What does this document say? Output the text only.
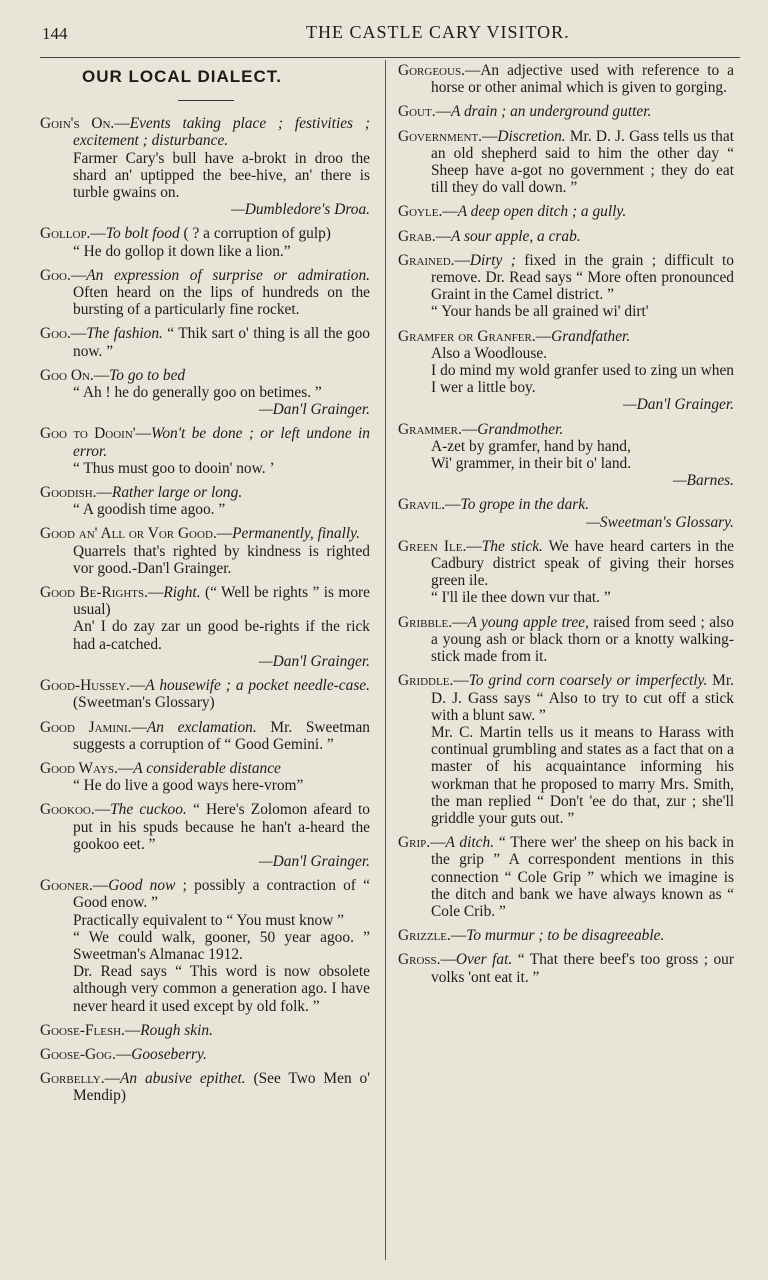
144	THE CASTLE CARY VISITOR.
OUR LOCAL DIALECT.

Goin's On.—Events taking place ; festivities ; excitement ; disturbance.

Farmer Cary's bull have a-brokt in droo the shard an' uptipped the bee-hive, an' there is turble gwains on.

—Dumbledore's Droa.

Gollop.—To bolt food ( ? a corruption of gulp)

“ He do gollop it down like a lion.”

Goo.—An expression of surprise or admiration. Often heard on the lips of hundreds on the bursting of a particularly fine rocket.

Goo.—The fashion. “ Thik sart o' thing is all the goo now. ”

Goo On.—To go to bed

“ Ah ! he do generally goo on betimes. ”
—Dan'l Grainger.

Goo to Dooin'—Won't be done ; or left undone in error.

“ Thus must goo to dooin' now. ’

Goodish.—Rather large or long.

“ A goodish time agoo. ”

Good an' All or Vor Good.—Permanently, finally.

Quarrels that's righted by kindness is righted vor good.-Dan'l Grainger.

Good Be-Rights.—Right. (“ Well be rights ” is more usual)

An' I do zay zar un good be-rights if the rick had a-catched.

—Dan'l Grainger.

Good-Hussey.—A housewife ; a pocket needle-case. (Sweetman's Glossary)

Good Jamini.—An exclamation. Mr. Sweetman suggests a corruption of “ Good Gemini. ”

Good Ways.—A considerable distance

“ He do live a good ways here-vrom”

Gookoo.—The cuckoo. “ Here's Zolomon afeard to put in his spuds because he han't a-heard the gookoo eet. ”

—Dan'l Grainger.

Gooner.—Good now ; possibly a contraction of “ Good enow. ”

Practically equivalent to “ You must know ”

“ We could walk, gooner, 50 year agoo. ” Sweetman's Almanac 1912.

Dr. Read says “ This word is now obsolete although very common a generation ago. I have never heard it used except by old folk. ”

Goose-Flesh.—Rough skin.

Goose-Gog.—Gooseberry.

Gorbelly.—An abusive epithet. (See Two Men o' Mendip)

Gorgeous.—An adjective used with reference to a horse or other animal which is given to gorging.

Gout.—A drain ; an underground gutter.

Government.—Discretion. Mr. D. J. Gass tells us that an old shepherd said to him the other day “ Sheep have a-got no government ; they do eat till they do vall down. ”

Goyle.—A deep open ditch ; a gully.

Grab.—A sour apple, a crab.

Grained.—Dirty ; fixed in the grain ; difficult to remove. Dr. Read says “ More often pronounced Graint in the Camel district. ”

“ Your hands be all grained wi' dirt'

Gramfer or Granfer.—Grandfather.

Also a Woodlouse.

I do mind my wold granfer used to zing un when I wer a little boy.

—Dan'l Grainger.

Grammer.—Grandmother.

A-zet by gramfer, hand by hand,

Wi' grammer, in their bit o' land.

—Barnes.

Gravil.—To grope in the dark.

—Sweetman's Glossary.

Green Ile.—The stick. We have heard carters in the Cadbury district speak of giving their horses green ile.

“ I'll ile thee down vur that. ”

Gribble.—A young apple tree, raised from seed ; also a young ash or black thorn or a knotty walking-stick made from it.

Griddle.—To grind corn coarsely or imperfectly. Mr. D. J. Gass says “ Also to try to cut off a stick with a blunt saw. ”

Mr. C. Martin tells us it means to Harass with continual grumbling and states as a fact that on a master of his acquaintance informing his workman that he proposed to marry Mrs. Smith, the man replied “ Don't 'ee do that, zur ; she'll griddle your guts out. ”

Grip.—A ditch. “ There wer' the sheep on his back in the grip ” A correspondent mentions in this connection “ Cole Grip ” which we imagine is the ditch and bank we have always known as “ Cole Crib. ”

Grizzle.—To murmur ; to be disagreeable.

Gross.—Over fat. “ That there beef's too gross ; our volks 'ont eat it. ”
